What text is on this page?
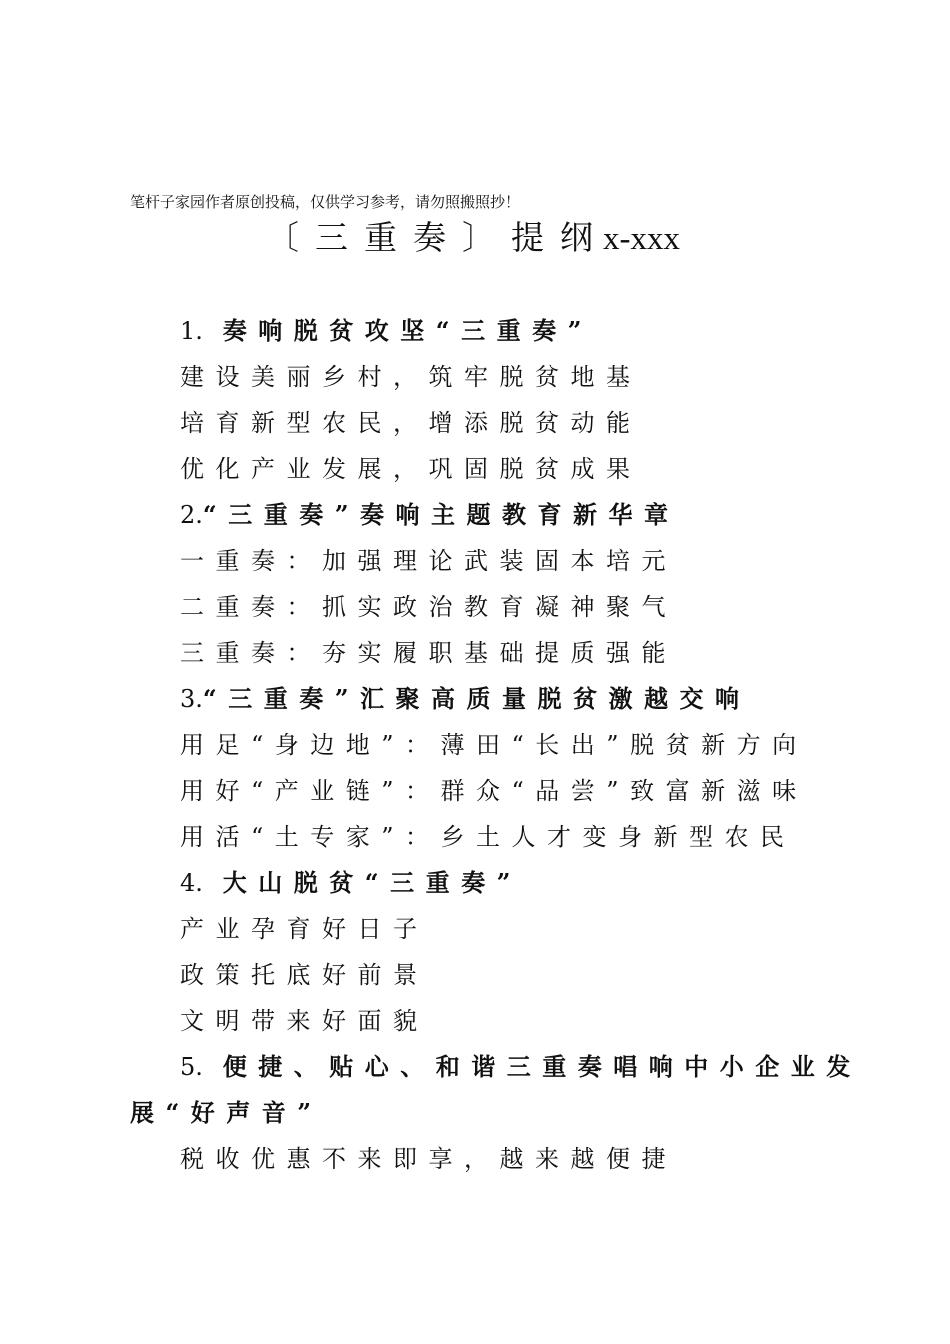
笔杆子家园作者原创投稿，仅供学习参考，请勿照搬照抄！
〔三重奏〕提纲x-xxx
1. 奏响脱贫攻坚“三重奏”
建设美丽乡村，筑牢脱贫地基
培育新型农民，增添脱贫动能
优化产业发展，巩固脱贫成果
2.“三重奏”奏响主题教育新华章
一重奏：加强理论武装固本培元
二重奏：抓实政治教育凝神聚气
三重奏：夯实履职基础提质强能
3.“三重奏”汇聚高质量脱贫激越交响
用足“身边地”：薄田“长出”脱贫新方向
用好“产业链”：群众“品尝”致富新滋味
用活“土专家”：乡土人才变身新型农民
4. 大山脱贫“三重奏”
产业孕育好日子
政策托底好前景
文明带来好面貌
5. 便捷、贴心、和谐三重奏唱响中小企业发
展“好声音”
税收优惠不来即享，越来越便捷
